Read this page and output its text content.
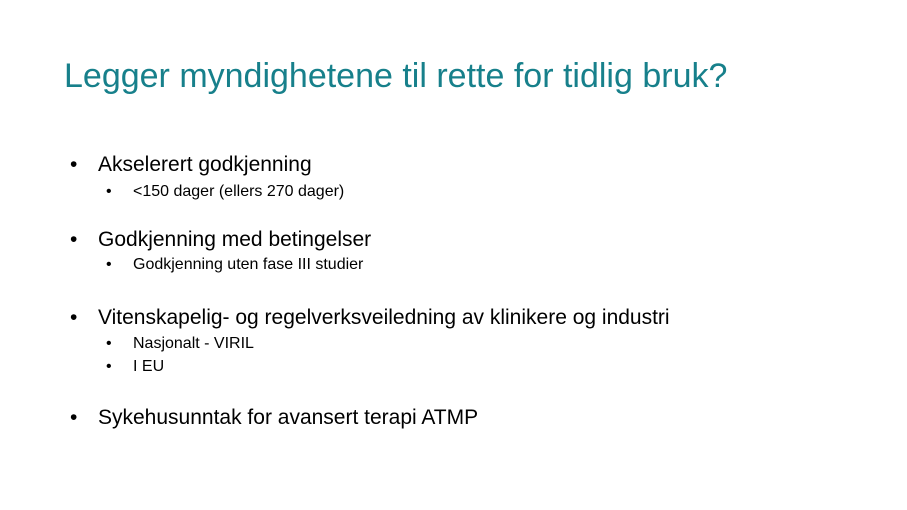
Legger myndighetene til rette for tidlig bruk?
• Akselerert godkjenning
• <150 dager (ellers 270 dager)
• Godkjenning med betingelser
• Godkjenning uten fase III studier
• Vitenskapelig- og regelverksveiledning av klinikere og industri
• Nasjonalt - VIRIL
• I EU
• Sykehusunntak for avansert terapi ATMP
